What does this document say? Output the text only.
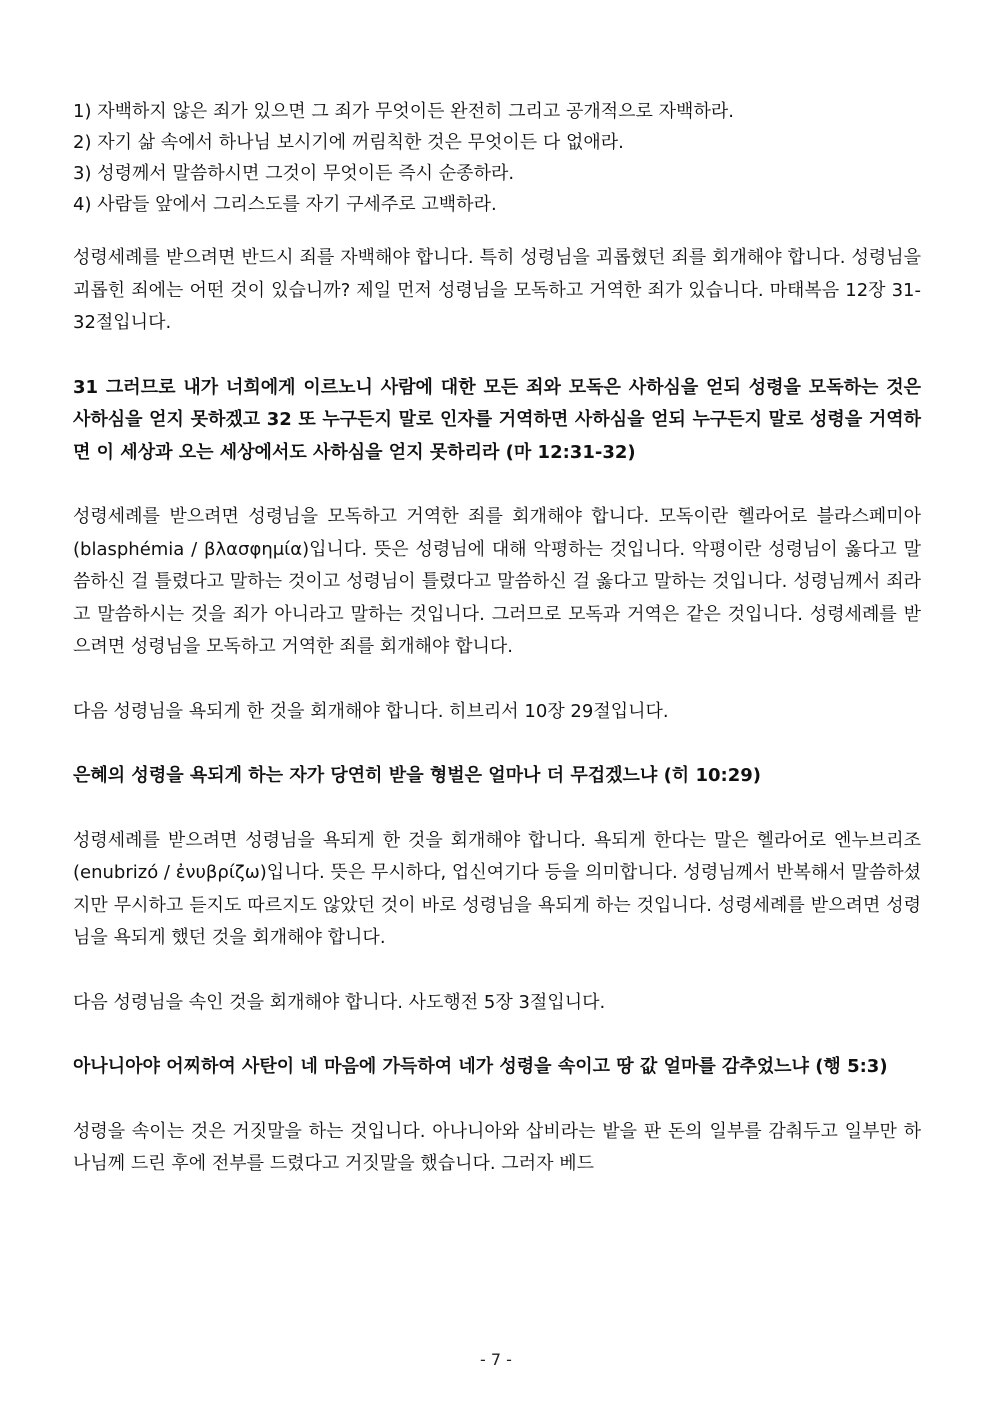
1) 자백하지 않은 죄가 있으면 그 죄가 무엇이든 완전히 그리고 공개적으로 자백하라.
2) 자기 삶 속에서 하나님 보시기에 꺼림칙한 것은 무엇이든 다 없애라.
3) 성령께서 말씀하시면 그것이 무엇이든 즉시 순종하라.
4) 사람들 앞에서 그리스도를 자기 구세주로 고백하라.

성령세례를 받으려면 반드시 죄를 자백해야 합니다. 특히 성령님을 괴롭혔던 죄를 회개해야 합니다. 성령님을 괴롭힌 죄에는 어떤 것이 있습니까? 제일 먼저 성령님을 모독하고 거역한 죄가 있습니다. 마태복음 12장 31-32절입니다.

31 그러므로 내가 너희에게 이르노니 사람에 대한 모든 죄와 모독은 사하심을 얻되 성령을 모독하는 것은 사하심을 얻지 못하겠고 32 또 누구든지 말로 인자를 거역하면 사하심을 얻되 누구든지 말로 성령을 거역하면 이 세상과 오는 세상에서도 사하심을 얻지 못하리라 (마 12:31-32)

성령세례를 받으려면 성령님을 모독하고 거역한 죄를 회개해야 합니다. 모독이란 헬라어로 블라스페미아(blasphémia / βλασφημία)입니다. 뜻은 성령님에 대해 악평하는 것입니다. 악평이란 성령님이 옳다고 말씀하신 걸 틀렸다고 말하는 것이고 성령님이 틀렸다고 말씀하신 걸 옳다고 말하는 것입니다. 성령님께서 죄라고 말씀하시는 것을 죄가 아니라고 말하는 것입니다. 그러므로 모독과 거역은 같은 것입니다. 성령세례를 받으려면 성령님을 모독하고 거역한 죄를 회개해야 합니다.

다음 성령님을 욕되게 한 것을 회개해야 합니다. 히브리서 10장 29절입니다.

은혜의 성령을 욕되게 하는 자가 당연히 받을 형벌은 얼마나 더 무겁겠느냐 (히 10:29)

성령세례를 받으려면 성령님을 욕되게 한 것을 회개해야 합니다. 욕되게 한다는 말은 헬라어로 엔누브리조(enubrizó / ἐνυβρίζω)입니다. 뜻은 무시하다, 업신여기다 등을 의미합니다. 성령님께서 반복해서 말씀하셨지만 무시하고 듣지도 따르지도 않았던 것이 바로 성령님을 욕되게 하는 것입니다. 성령세례를 받으려면 성령님을 욕되게 했던 것을 회개해야 합니다.

다음 성령님을 속인 것을 회개해야 합니다. 사도행전 5장 3절입니다.

아나니아야 어찌하여 사탄이 네 마음에 가득하여 네가 성령을 속이고 땅 값 얼마를 감추었느냐 (행 5:3)

성령을 속이는 것은 거짓말을 하는 것입니다. 아나니아와 삽비라는 밭을 판 돈의 일부를 감춰두고 일부만 하나님께 드린 후에 전부를 드렸다고 거짓말을 했습니다. 그러자 베드

- 7 -
